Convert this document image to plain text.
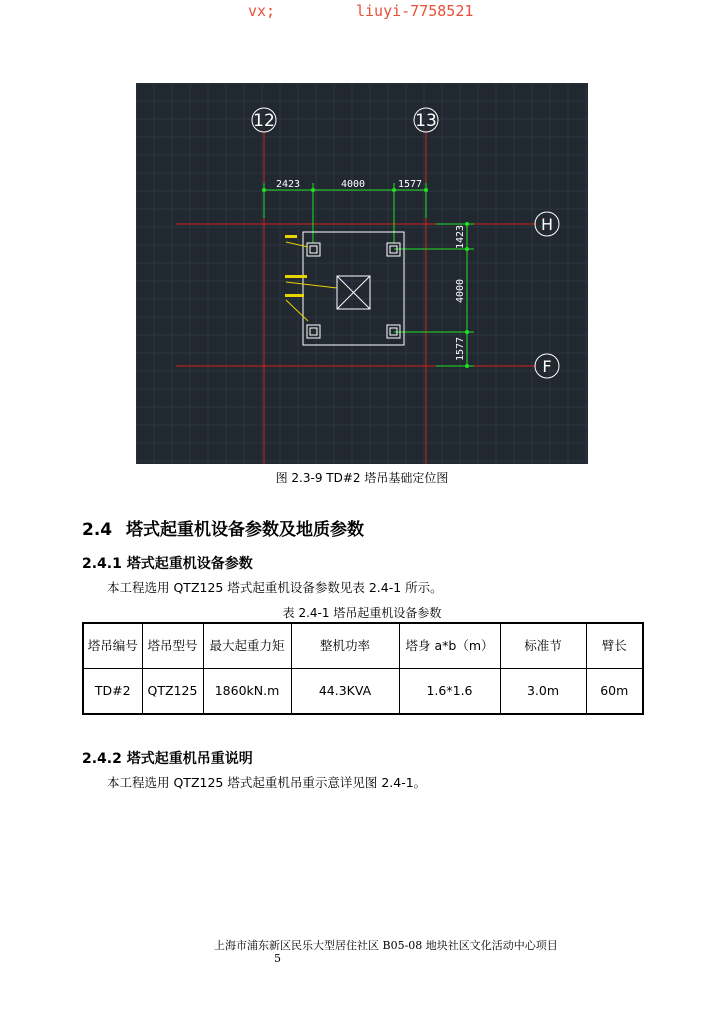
vx;	liuyi-7758521
12	13
H
F
2423	4000	1577
1423
4000
1577
图 2.3-9 TD#2 塔吊基础定位图
2.4 塔式起重机设备参数及地质参数
2.4.1 塔式起重机设备参数
本工程选用 QTZ125 塔式起重机设备参数见表 2.4-1 所示。
表 2.4-1 塔吊起重机设备参数
塔吊编号	塔吊型号	最大起重力矩	整机功率	塔身 a*b（m）	标准节	臂长
TD#2	QTZ125	1860kN.m	44.3KVA	1.6*1.6	3.0m	60m
2.4.2 塔式起重机吊重说明
本工程选用 QTZ125 塔式起重机吊重示意详见图 2.4-1。
上海市浦东新区民乐大型居住社区 B05-08 地块社区文化活动中心项目
5
